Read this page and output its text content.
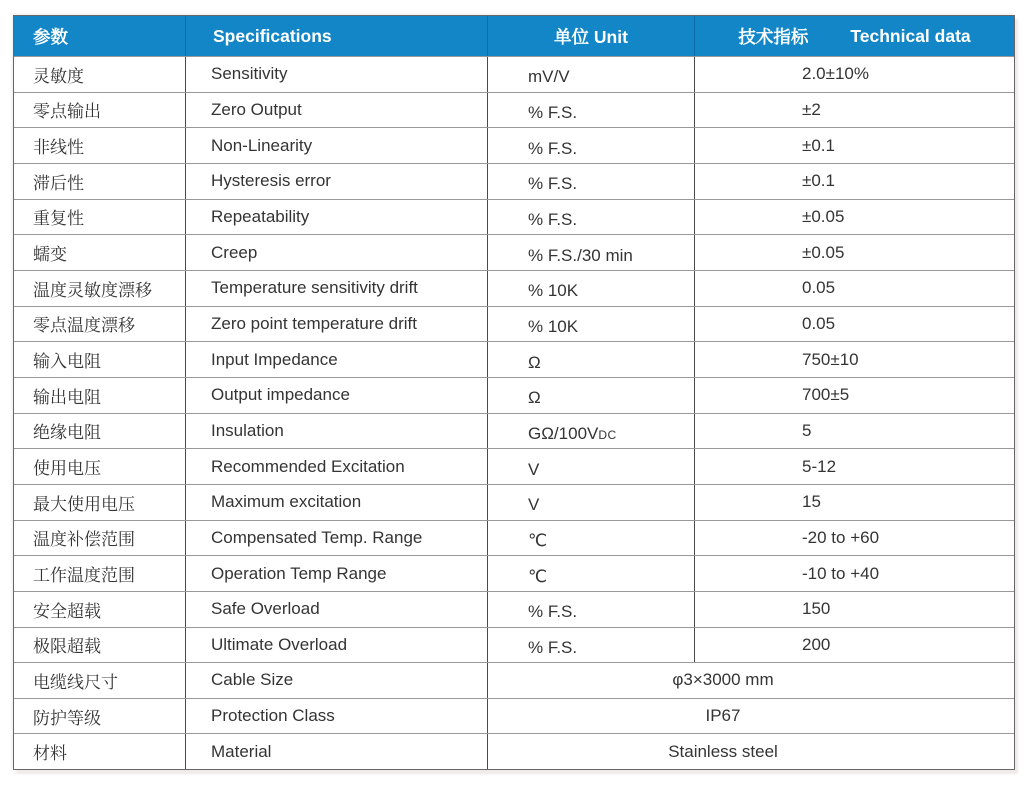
参数	Specifications	单位 Unit	技术指标 Technical data
灵敏度	Sensitivity	mV/V	2.0±10%
零点输出	Zero Output	% F.S.	±2
非线性	Non-Linearity	% F.S.	±0.1
滞后性	Hysteresis error	% F.S.	±0.1
重复性	Repeatability	% F.S.	±0.05
蠕变	Creep	% F.S./30 min	±0.05
温度灵敏度漂移	Temperature sensitivity drift	% 10K	0.05
零点温度漂移	Zero point temperature drift	% 10K	0.05
输入电阻	Input Impedance	Ω	750±10
输出电阻	Output impedance	Ω	700±5
绝缘电阻	Insulation	GΩ/100VDC	5
使用电压	Recommended Excitation	V	5-12
最大使用电压	Maximum excitation	V	15
温度补偿范围	Compensated Temp. Range	℃	-20 to +60
工作温度范围	Operation Temp Range	℃	-10 to +40
安全超载	Safe Overload	% F.S.	150
极限超载	Ultimate Overload	% F.S.	200
电缆线尺寸	Cable Size	φ3×3000 mm
防护等级	Protection Class	IP67
材料	Material	Stainless steel
